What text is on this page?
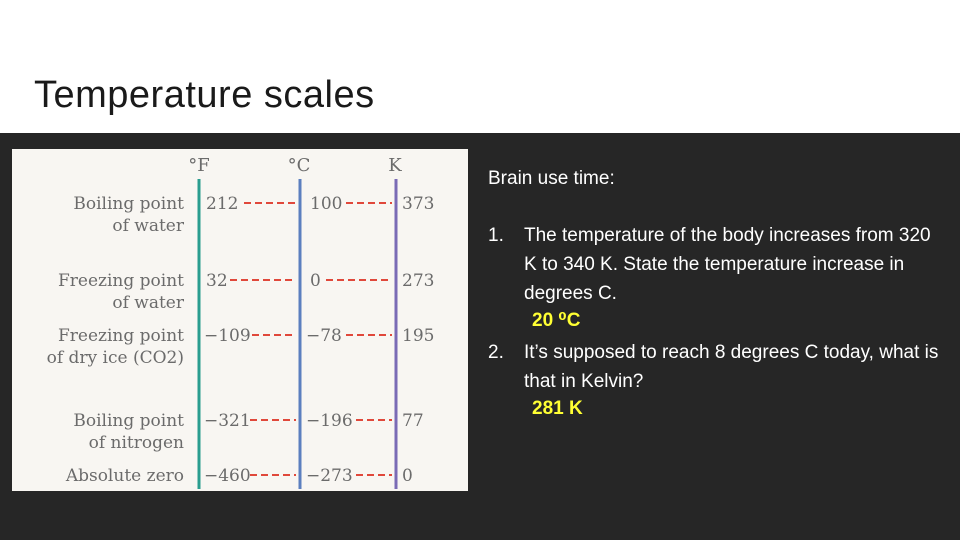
Temperature scales
°F	°C	K
Boiling point
of water
212	100	373
Freezing point
of water
32	0	273
Freezing point
of dry ice (CO2)
−109	−78	195
Boiling point
of nitrogen
−321	−196	77
Absolute zero −460	−273	0
Brain use time:
1. The temperature of the body increases from 320 K to 340 K. State the temperature increase in degrees C.
20 ⁰C
2. It’s supposed to reach 8 degrees C today, what is that in Kelvin?
281 K
